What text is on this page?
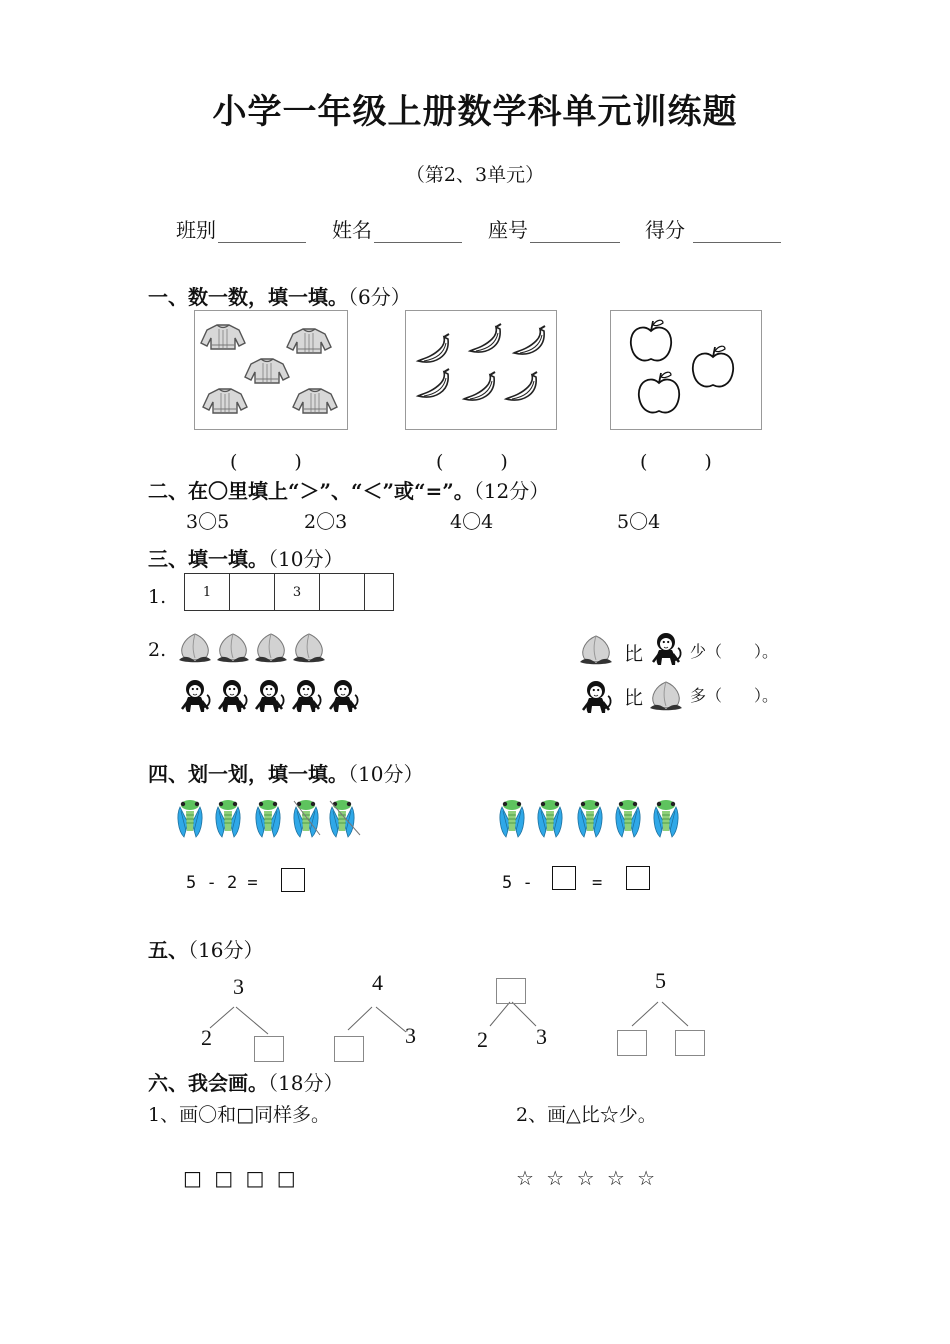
小学一年级上册数学科单元训练题
（第2、3单元）
班别	姓名	座号	得分
一、数一数，填一填。（6分）
(　　　)	(　　　)	(　　　)
二、在〇里填上“＞”、“＜”或“=”。（12分）
3〇5	2〇3	4〇4	5〇4
三、填一填。（10分）
1.	1	3
2.	比	少（　　）。
比	多（　　）。
四、划一划，填一填。（10分）
5 - 2 =	5 -	=
五、（16分）
3
2
4
3	2 3
5
六、我会画。（18分）
1、画〇和□同样多。	2、画△比☆少。
□ □ □ □	☆ ☆ ☆ ☆ ☆
